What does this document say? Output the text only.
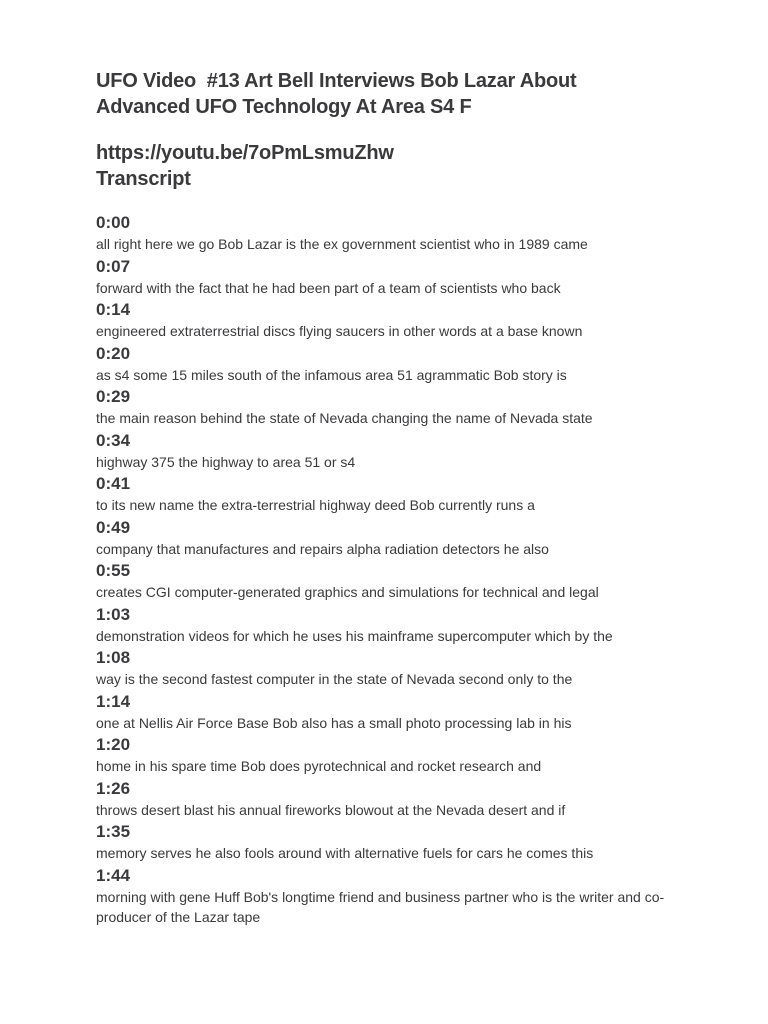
UFO Video  #13 Art Bell Interviews Bob Lazar About
Advanced UFO Technology At Area S4 F
https://youtu.be/7oPmLsmuZhw
Transcript
0:00
all right here we go Bob Lazar is the ex government scientist who in 1989 came
0:07
forward with the fact that he had been part of a team of scientists who back
0:14
engineered extraterrestrial discs flying saucers in other words at a base known
0:20
as s4 some 15 miles south of the infamous area 51 agrammatic Bob story is
0:29
the main reason behind the state of Nevada changing the name of Nevada state
0:34
highway 375 the highway to area 51 or s4
0:41
to its new name the extra-terrestrial highway deed Bob currently runs a
0:49
company that manufactures and repairs alpha radiation detectors he also
0:55
creates CGI computer-generated graphics and simulations for technical and legal
1:03
demonstration videos for which he uses his mainframe supercomputer which by the
1:08
way is the second fastest computer in the state of Nevada second only to the
1:14
one at Nellis Air Force Base Bob also has a small photo processing lab in his
1:20
home in his spare time Bob does pyrotechnical and rocket research and
1:26
throws desert blast his annual fireworks blowout at the Nevada desert and if
1:35
memory serves he also fools around with alternative fuels for cars he comes this
1:44
morning with gene Huff Bob's longtime friend and business partner who is the writer and co-producer of the Lazar tape
